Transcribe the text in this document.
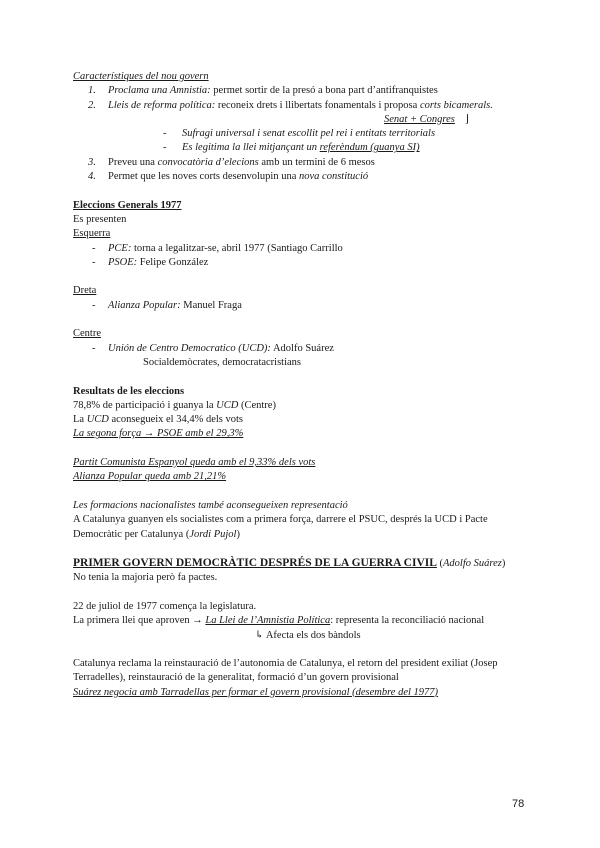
Característiques del nou govern
1. Proclama una Amnistia: permet sortir de la presó a bona part d’antifranquistes
2. Lleis de reforma política: reconeix drets i llibertats fonamentals i proposa corts bicamerals.
Senat + Congres ⌋
- Sufragi universal i senat escollit pel rei i entitats territorials
- Es legitima la llei mitjançant un referèndum (guanya SI)
3. Preveu una convocatòria d’elecions amb un termini de 6 mesos
4. Permet que les noves corts desenvolupin una nova constitució
Eleccions Generals 1977
Es presenten
Esquerra
- PCE: torna a legalitzar-se, abril 1977 (Santiago Carrillo
- PSOE: Felipe González
Dreta
- Alianza Popular: Manuel Fraga
Centre
- Unión de Centro Democratico (UCD): Adolfo Suárez
Socialdemòcrates, democratacristians
Resultats de les eleccions
78,8% de participació i guanya la UCD (Centre)
La UCD aconsegueix el 34,4% dels vots
La segona força → PSOE amb el 29,3%
Partit Comunista Espanyol queda amb el 9,33% dels vots
Alianza Popular queda amb 21,21%
Les formacions nacionalistes també aconsegueixen representació
A Catalunya guanyen els socialistes com a primera força, darrere el PSUC, després la UCD i Pacte
Democràtic per Catalunya (Jordi Pujol)
PRIMER GOVERN DEMOCRÀTIC DESPRÉS DE LA GUERRA CIVIL (Adolfo Suárez)
No tenia la majoria però fa pactes.
22 de juliol de 1977 comença la legislatura.
La primera llei que aproven → La Llei de l’Amnistia Política: representa la reconciliació nacional
↳ Afecta els dos bàndols
Catalunya reclama la reinstauració de l’autonomia de Catalunya, el retorn del president exiliat (Josep
Terradelles), reinstauració de la generalitat, formació d’un govern provisional
Suárez negocia amb Tarradellas per formar el govern provisional (desembre del 1977)
78
